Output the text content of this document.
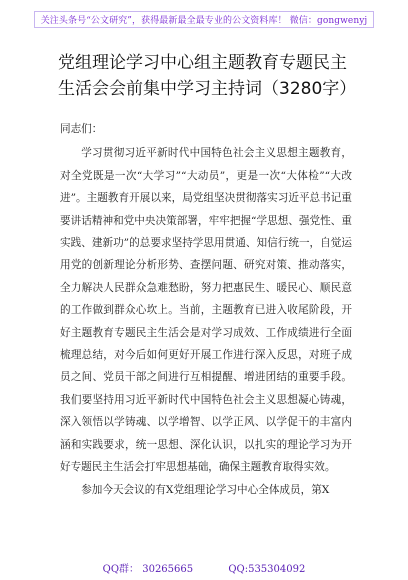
关注头条号“公文研究”，获得最新最全最专业的公文资料库！ 微信：gongwenyj
党组理论学习中心组主题教育专题民主生活会会前集中学习主持词（3280字）

同志们：

学习贯彻习近平新时代中国特色社会主义思想主题教育，对全党既是一次“大学习”“大动员”，更是一次“大体检”“大改进”。主题教育开展以来，局党组坚决贯彻落实习近平总书记重要讲话精神和党中央决策部署，牢牢把握“学思想、强党性、重实践、建新功”的总要求坚持学思用贯通、知信行统一，自觉运用党的创新理论分析形势、查摆问题、研究对策、推动落实，全力解决人民群众急难愁盼，努力把惠民生、暖民心、顺民意的工作做到群众心坎上。当前，主题教育已进入收尾阶段，开好主题教育专题民主生活会是对学习成效、工作成绩进行全面梳理总结，对今后如何更好开展工作进行深入反思，对班子成员之间、党员干部之间进行互相提醒、增进团结的重要手段。我们要坚持用习近平新时代中国特色社会主义思想凝心铸魂，深入领悟以学铸魂、以学增智、以学正风、以学促干的丰富内涵和实践要求，统一思想、深化认识，以扎实的理论学习为开好专题民主生活会打牢思想基础，确保主题教育取得实效。

参加今天会议的有X党组理论学习中心全体成员，第X

QQ群： 30265665	QQ:535304092
